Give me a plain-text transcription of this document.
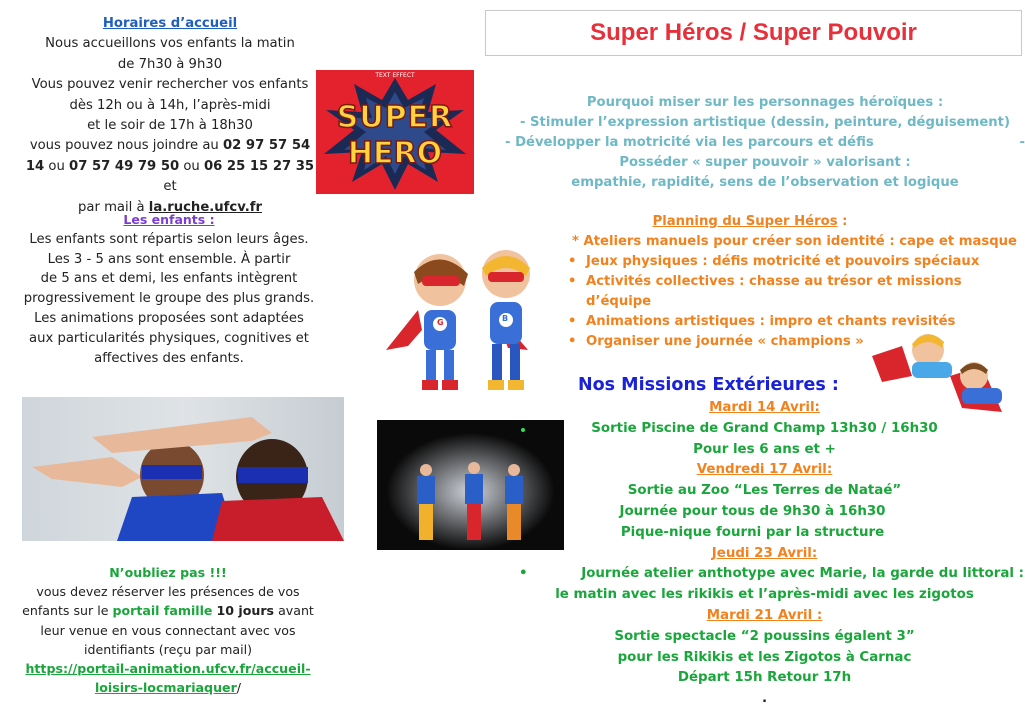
Horaires d’accueil
Nous accueillons vos enfants la matin
de 7h30 à 9h30
Vous pouvez venir rechercher vos enfants
dès 12h ou à 14h, l’après-midi
et le soir de 17h à 18h30
vous pouvez nous joindre au 02 97 57 54 14 ou 07 57 49 79 50 ou 06 25 15 27 35 et
par mail à la.ruche.ufcv.fr
TEXT EFFECT
SUPER
HERO
Les enfants :
Les enfants sont répartis selon leurs âges.
Les 3 - 5 ans sont ensemble. À partir
de 5 ans et demi, les enfants intègrent
progressivement le groupe des plus grands.
Les animations proposées sont adaptées
aux particularités physiques, cognitives et
affectives des enfants.
N’oubliez pas !!!
vous devez réserver les présences de vos
enfants sur le portail famille 10 jours avant
leur venue en vous connectant avec vos
identifiants (reçu par mail)
https://portail-animation.ufcv.fr/accueil-
loisirs-locmariaquer/
Super Héros / Super Pouvoir
Pourquoi miser sur les personnages héroïques :
- Stimuler l’expression artistique (dessin, peinture, déguisement)
- Développer la motricité via les parcours et défis	-
Posséder « super pouvoir » valorisant :
empathie, rapidité, sens de l’observation et logique
Planning du Super Héros :
* Ateliers manuels pour créer son identité : cape et masque
• Jeux physiques : défis motricité et pouvoirs spéciaux
• Activités collectives : chasse au trésor et missions d’équipe
• Animations artistiques : impro et chants revisités
• Organiser une journée « champions »
G	B
Nos Missions Extérieures :
Mardi 14 Avril:
Sortie Piscine de Grand Champ 13h30 / 16h30
Pour les 6 ans et +
Vendredi 17 Avril:
Sortie au Zoo “Les Terres de Nataé”
Journée pour tous de 9h30 à 16h30
Pique-nique fourni par la structure
Jeudi 23 Avril:
•	Journée atelier anthotype avec Marie, la garde du littoral :
le matin avec les rikikis et l’après-midi avec les zigotos
Mardi 21 Avril :
Sortie spectacle “2 poussins égalent 3”
pour les Rikikis et les Zigotos à Carnac
Départ 15h Retour 17h
.
